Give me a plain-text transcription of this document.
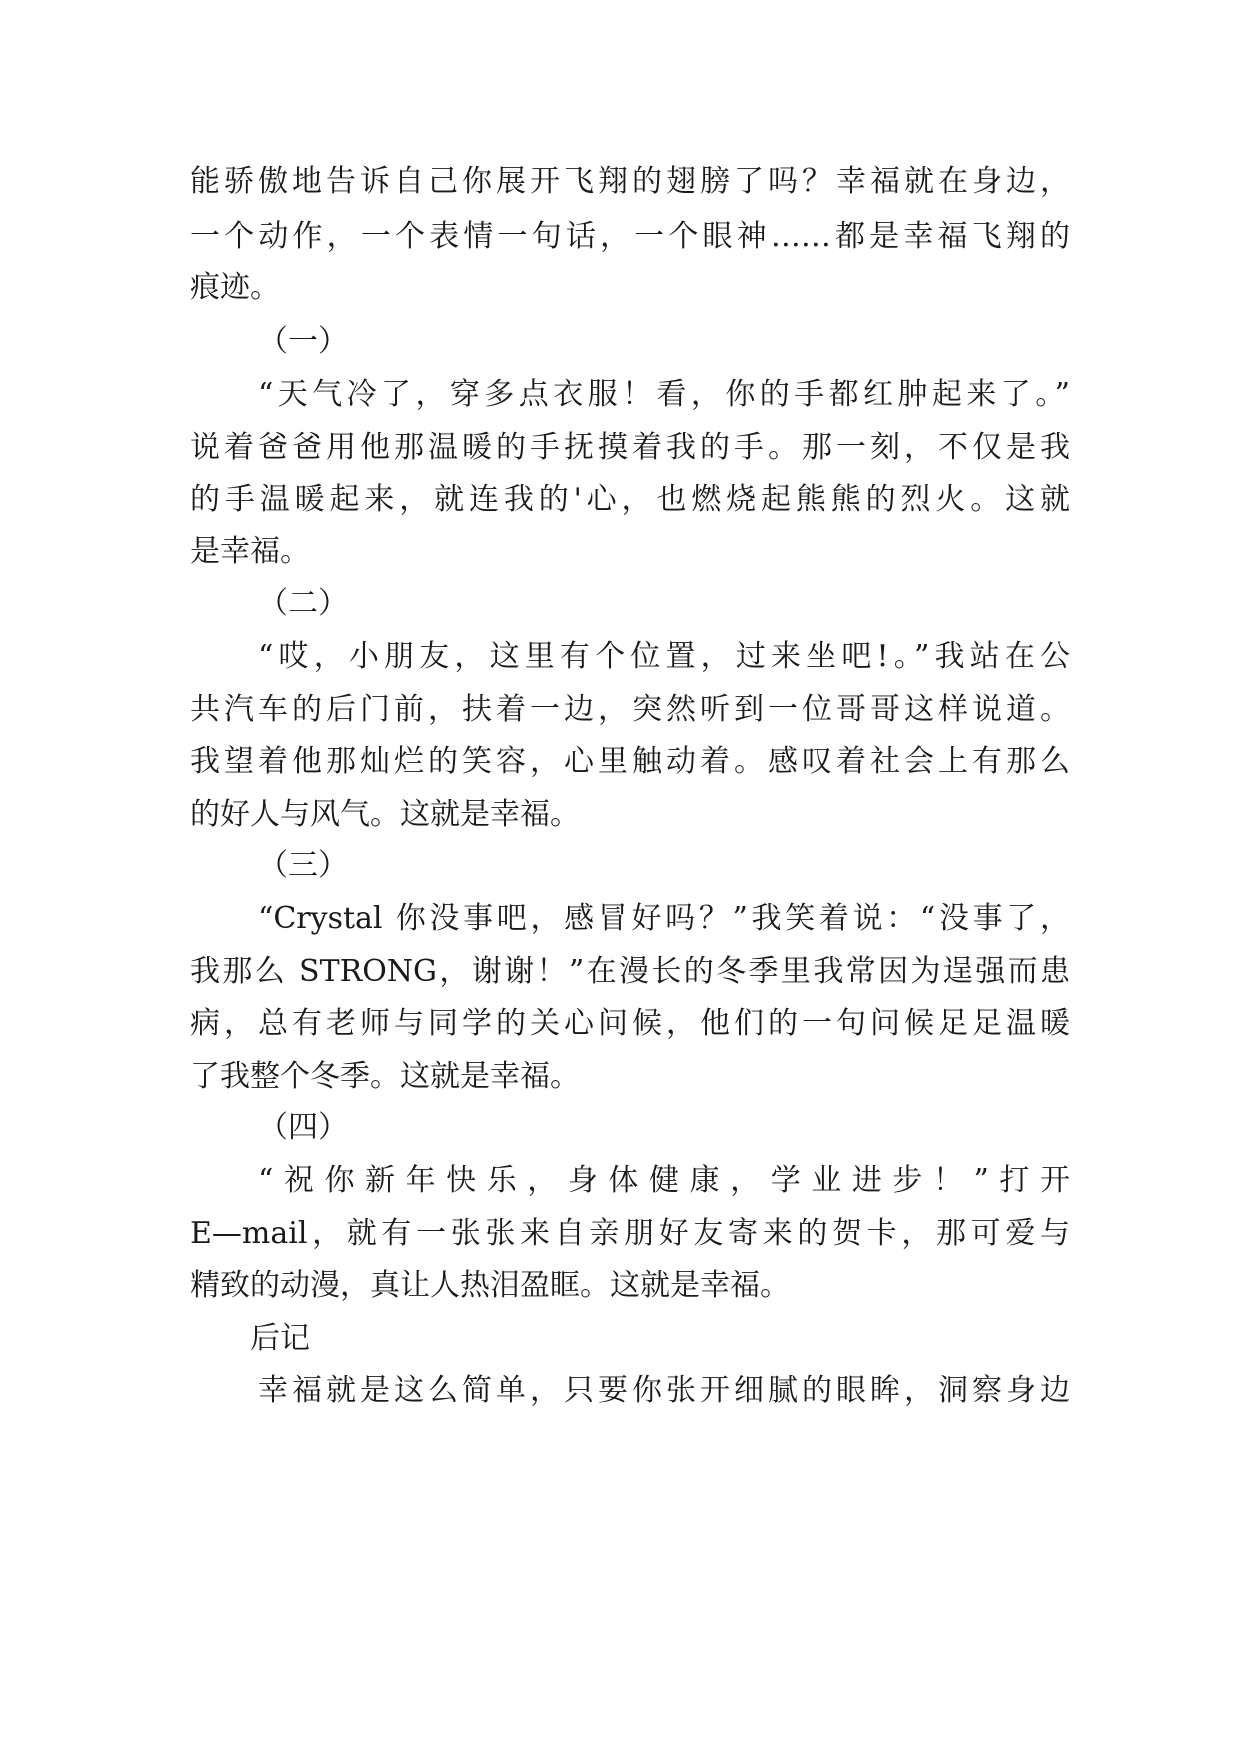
能骄傲地告诉自己你展开飞翔的翅膀了吗？幸福就在身边，
一个动作，一个表情一句话，一个眼神……都是幸福飞翔的
痕迹。
（一）
“天气冷了，穿多点衣服！看，你的手都红肿起来了。”
说着爸爸用他那温暖的手抚摸着我的手。那一刻，不仅是我
的手温暖起来，就连我的'心，也燃烧起熊熊的烈火。这就
是幸福。
（二）
“哎，小朋友，这里有个位置，过来坐吧!。”我站在公
共汽车的后门前，扶着一边，突然听到一位哥哥这样说道。
我望着他那灿烂的笑容，心里触动着。感叹着社会上有那么
的好人与风气。这就是幸福。
（三）
“Crystal 你没事吧，感冒好吗？”我笑着说：“没事了，
我那么 STRONG，谢谢！”在漫长的冬季里我常因为逞强而患
病，总有老师与同学的关心问候，他们的一句问候足足温暖
了我整个冬季。这就是幸福。
（四）
“祝你新年快乐，身体健康，学业进步！”打开
E—mail，就有一张张来自亲朋好友寄来的贺卡，那可爱与
精致的动漫，真让人热泪盈眶。这就是幸福。
后记
幸福就是这么简单，只要你张开细腻的眼眸，洞察身边
